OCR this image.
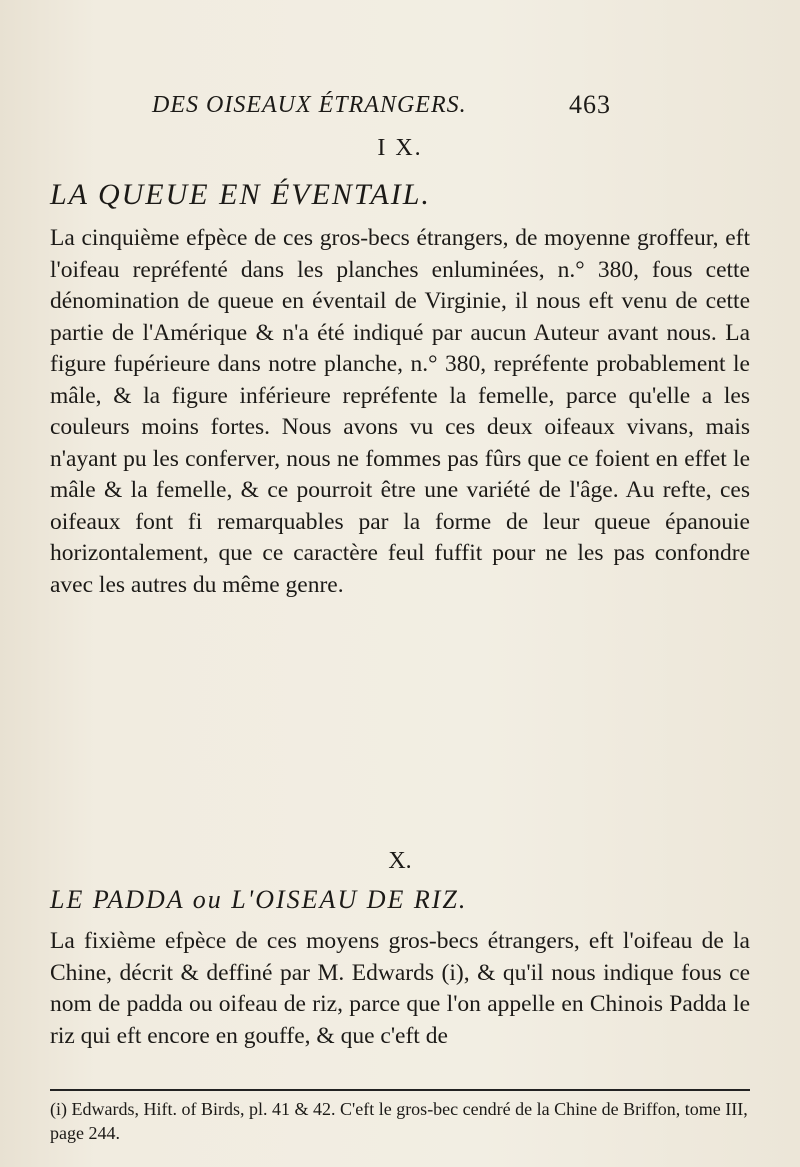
DES OISEAUX ÉTRANGERS.	463
I X.
LA QUEUE EN ÉVENTAIL.

La cinquième efpèce de ces gros-becs étrangers, de moyenne groffeur, eft l'oifeau repréfenté dans les planches enluminées, n.° 380, fous cette dénomination de queue en éventail de Virginie, il nous eft venu de cette partie de l'Amérique & n'a été indiqué par aucun Auteur avant nous. La figure fupérieure dans notre planche, n.° 380, repréfente probablement le mâle, & la figure inférieure repréfente la femelle, parce qu'elle a les couleurs moins fortes. Nous avons vu ces deux oifeaux vivans, mais n'ayant pu les conferver, nous ne fommes pas fûrs que ce foient en effet le mâle & la femelle, & ce pourroit être une variété de l'âge. Au refte, ces oifeaux font fi remarquables par la forme de leur queue épanouie horizontalement, que ce caractère feul fuffit pour ne les pas confondre avec les autres du même genre.

X.
LE PADDA ou L'OISEAU DE RIZ.

La fixième efpèce de ces moyens gros-becs étrangers, eft l'oifeau de la Chine, décrit & deffiné par M. Edwards (i), & qu'il nous indique fous ce nom de padda ou oifeau de riz, parce que l'on appelle en Chinois Padda le riz qui eft encore en gouffe, & que c'eft de

(i) Edwards, Hift. of Birds, pl. 41 & 42. C'eft le gros-bec cendré de la Chine de Briffon, tome III, page 244.
